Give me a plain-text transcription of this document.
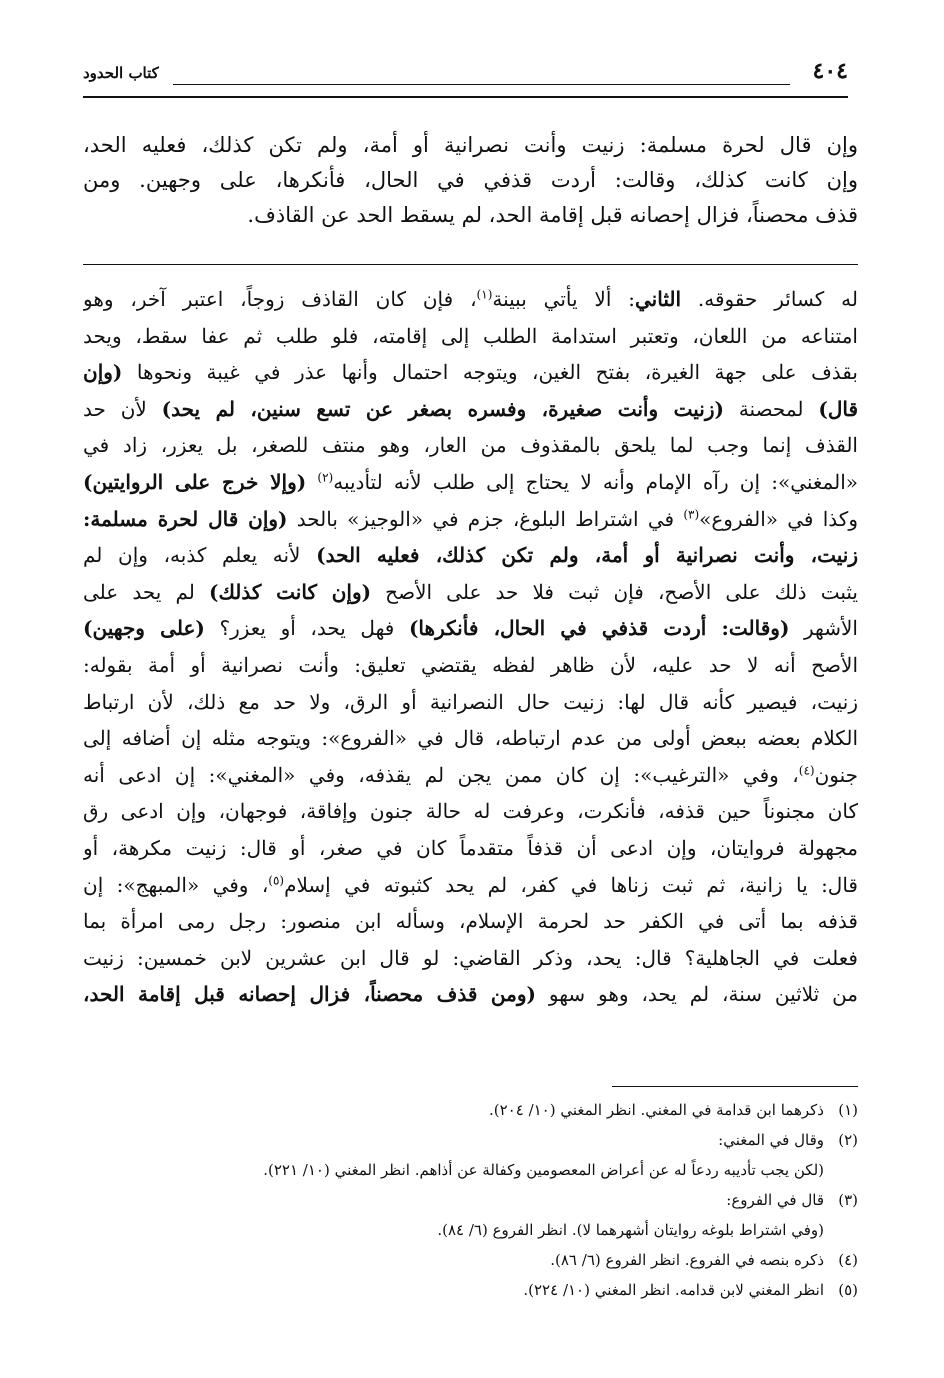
٤٠٤
كتاب الحدود
وإن قال لحرة مسلمة: زنيت وأنت نصرانية أو أمة، ولم تكن كذلك، فعليه الحد،
وإن كانت كذلك، وقالت: أردت قذفي في الحال، فأنكرها، على وجهين. ومن
قذف محصناً، فزال إحصانه قبل إقامة الحد، لم يسقط الحد عن القاذف.
له كسائر حقوقه. الثاني: ألا يأتي ببينة$^{(١)}$، فإن كان القاذف زوجاً، اعتبر آخر، وهو
امتناعه من اللعان، وتعتبر استدامة الطلب إلى إقامته، فلو طلب ثم عفا سقط، ويحد
بقذف على جهة الغيرة، بفتح الغين، ويتوجه احتمال وأنها عذر في غيبة ونحوها (وإن
قال) لمحصنة (زنيت وأنت صغيرة، وفسره بصغر عن تسع سنين، لم يحد) لأن حد
القذف إنما وجب لما يلحق بالمقذوف من العار، وهو منتف للصغر، بل يعزر، زاد في
«المغني»: إن رآه الإمام وأنه لا يحتاج إلى طلب لأنه لتأديبه$^{(٢)}$ (وإلا خرج على الروايتين)
وكذا في «الفروع»$^{(٣)}$ في اشتراط البلوغ، جزم في «الوجيز» بالحد (وإن قال لحرة مسلمة:
زنيت، وأنت نصرانية أو أمة، ولم تكن كذلك، فعليه الحد) لأنه يعلم كذبه، وإن لم
يثبت ذلك على الأصح، فإن ثبت فلا حد على الأصح (وإن كانت كذلك) لم يحد على
الأشهر (وقالت: أردت قذفي في الحال، فأنكرها) فهل يحد، أو يعزر؟ (على وجهين)
الأصح أنه لا حد عليه، لأن ظاهر لفظه يقتضي تعليق: وأنت نصرانية أو أمة بقوله:
زنيت، فيصير كأنه قال لها: زنيت حال النصرانية أو الرق، ولا حد مع ذلك، لأن ارتباط
الكلام بعضه ببعض أولى من عدم ارتباطه، قال في «الفروع»: ويتوجه مثله إن أضافه إلى
جنون$^{(٤)}$، وفي «الترغيب»: إن كان ممن يجن لم يقذفه، وفي «المغني»: إن ادعى أنه
كان مجنوناً حين قذفه، فأنكرت، وعرفت له حالة جنون وإفاقة، فوجهان، وإن ادعى رق
مجهولة فروايتان، وإن ادعى أن قذفاً متقدماً كان في صغر، أو قال: زنيت مكرهة، أو
قال: يا زانية، ثم ثبت زناها في كفر، لم يحد كثبوته في إسلام$^{(٥)}$، وفي «المبهج»: إن
قذفه بما أتى في الكفر حد لحرمة الإسلام، وسأله ابن منصور: رجل رمى امرأة بما
فعلت في الجاهلية؟ قال: يحد، وذكر القاضي: لو قال ابن عشرين لابن خمسين: زنيت
من ثلاثين سنة، لم يحد، وهو سهو (ومن قذف محصناً، فزال إحصانه قبل إقامة الحد،
(١)
ذكرهما ابن قدامة في المغني. انظر المغني (١٠/ ٢٠٤).
(٢)
وقال في المغني:
(لكن يجب تأديبه ردعاً له عن أعراض المعصومين وكفالة عن أذاهم. انظر المغني (١٠/ ٢٢١).
(٣)
قال في الفروع:
(وفي اشتراط بلوغه روايتان أشهرهما لا). انظر الفروع (٦/ ٨٤).
(٤)
ذكره بنصه في الفروع. انظر الفروع (٦/ ٨٦).
(٥)
انظر المغني لابن قدامه. انظر المغني (١٠/ ٢٢٤).
